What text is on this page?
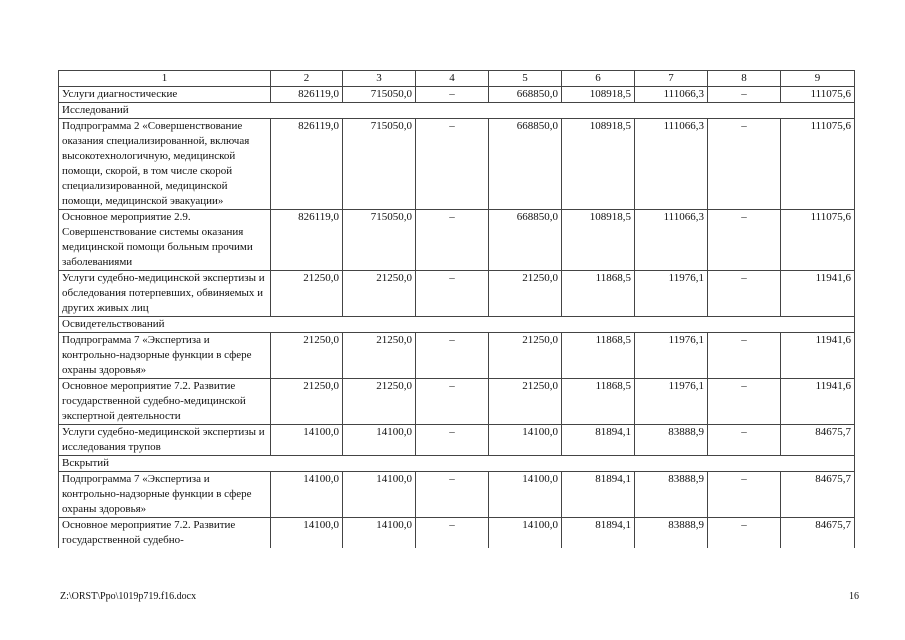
1	2	3	4	5	6	7	8	9
Услуги диагностические	826119,0	715050,0	–	668850,0	108918,5	111066,3	–	111075,6
Исследований								
Подпрограмма 2 «Совершенствование оказания специализированной, включая высокотехнологичную, медицинской помощи, скорой, в том числе скорой специализированной, медицинской помощи, медицинской эвакуации»	826119,0	715050,0	–	668850,0	108918,5	111066,3	–	111075,6
Основное мероприятие 2.9. Совершенствование системы оказания медицинской помощи больным прочими заболеваниями	826119,0	715050,0	–	668850,0	108918,5	111066,3	–	111075,6
Услуги судебно-медицинской экспертизы и обследования потерпевших, обвиняемых и других живых лиц	21250,0	21250,0	–	21250,0	11868,5	11976,1	–	11941,6
Освидетельствований								
Подпрограмма 7 «Экспертиза и контрольно-надзорные функции в сфере охраны здоровья»	21250,0	21250,0	–	21250,0	11868,5	11976,1	–	11941,6
Основное мероприятие 7.2. Развитие государственной судебно-медицинской экспертной деятельности	21250,0	21250,0	–	21250,0	11868,5	11976,1	–	11941,6
Услуги судебно-медицинской экспертизы и исследования трупов	14100,0	14100,0	–	14100,0	81894,1	83888,9	–	84675,7
Вскрытий								
Подпрограмма 7 «Экспертиза и контрольно-надзорные функции в сфере охраны здоровья»	14100,0	14100,0	–	14100,0	81894,1	83888,9	–	84675,7
Основное мероприятие 7.2. Развитие государственной судебно-	14100,0	14100,0	–	14100,0	81894,1	83888,9	–	84675,7
Z:\ORST\Ppo\1019p719.f16.docx	16
